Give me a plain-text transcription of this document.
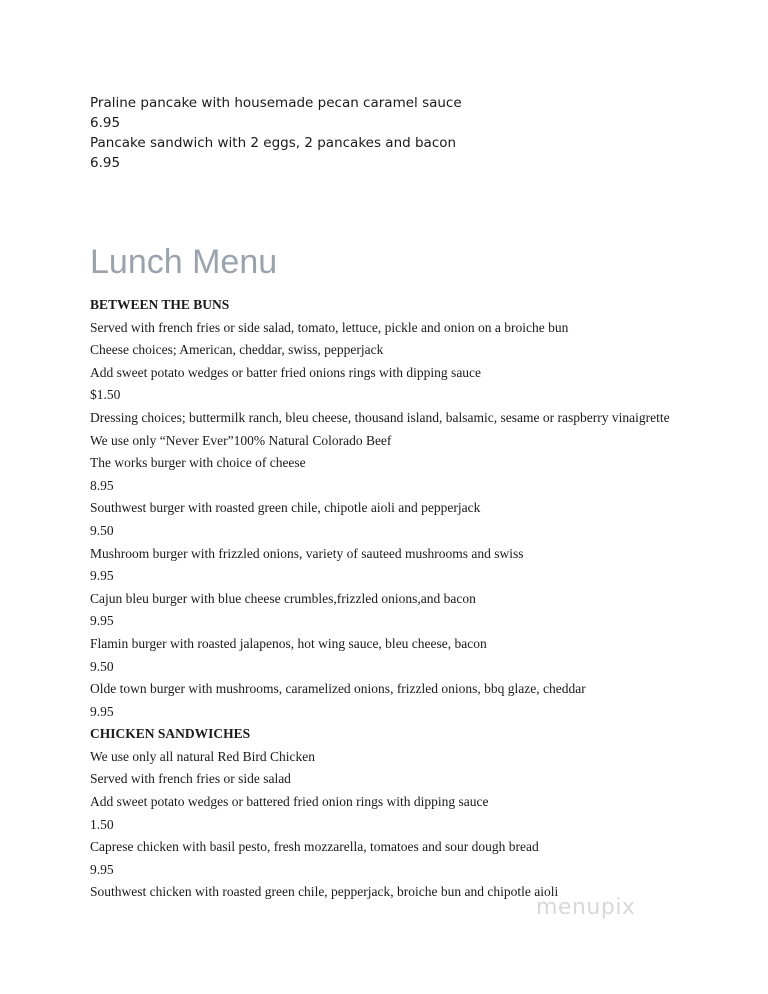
Praline pancake with housemade pecan caramel sauce
6.95
Pancake sandwich with 2 eggs, 2 pancakes and bacon
6.95
Lunch Menu
BETWEEN THE BUNS
Served with french fries or side salad, tomato, lettuce, pickle and onion on a broiche bun
Cheese choices; American, cheddar, swiss, pepperjack
Add sweet potato wedges or batter fried onions rings with dipping sauce
$1.50
Dressing choices; buttermilk ranch, bleu cheese, thousand island, balsamic, sesame or raspberry vinaigrette
We use only “Never Ever”100% Natural Colorado Beef
The works burger with choice of cheese
8.95
Southwest burger with roasted green chile, chipotle aioli and pepperjack
9.50
Mushroom burger with frizzled onions, variety of sauteed mushrooms and swiss
9.95
Cajun bleu burger with blue cheese crumbles,frizzled onions,and bacon
9.95
Flamin burger with roasted jalapenos, hot wing sauce, bleu cheese, bacon
9.50
Olde town burger with mushrooms, caramelized onions, frizzled onions, bbq glaze, cheddar
9.95
CHICKEN SANDWICHES
We use only all natural Red Bird Chicken
Served with french fries or side salad
Add sweet potato wedges or battered fried onion rings with dipping sauce
1.50
Caprese chicken with basil pesto, fresh mozzarella, tomatoes and sour dough bread
9.95
Southwest chicken with roasted green chile, pepperjack, broiche bun and chipotle aioli
menupix
